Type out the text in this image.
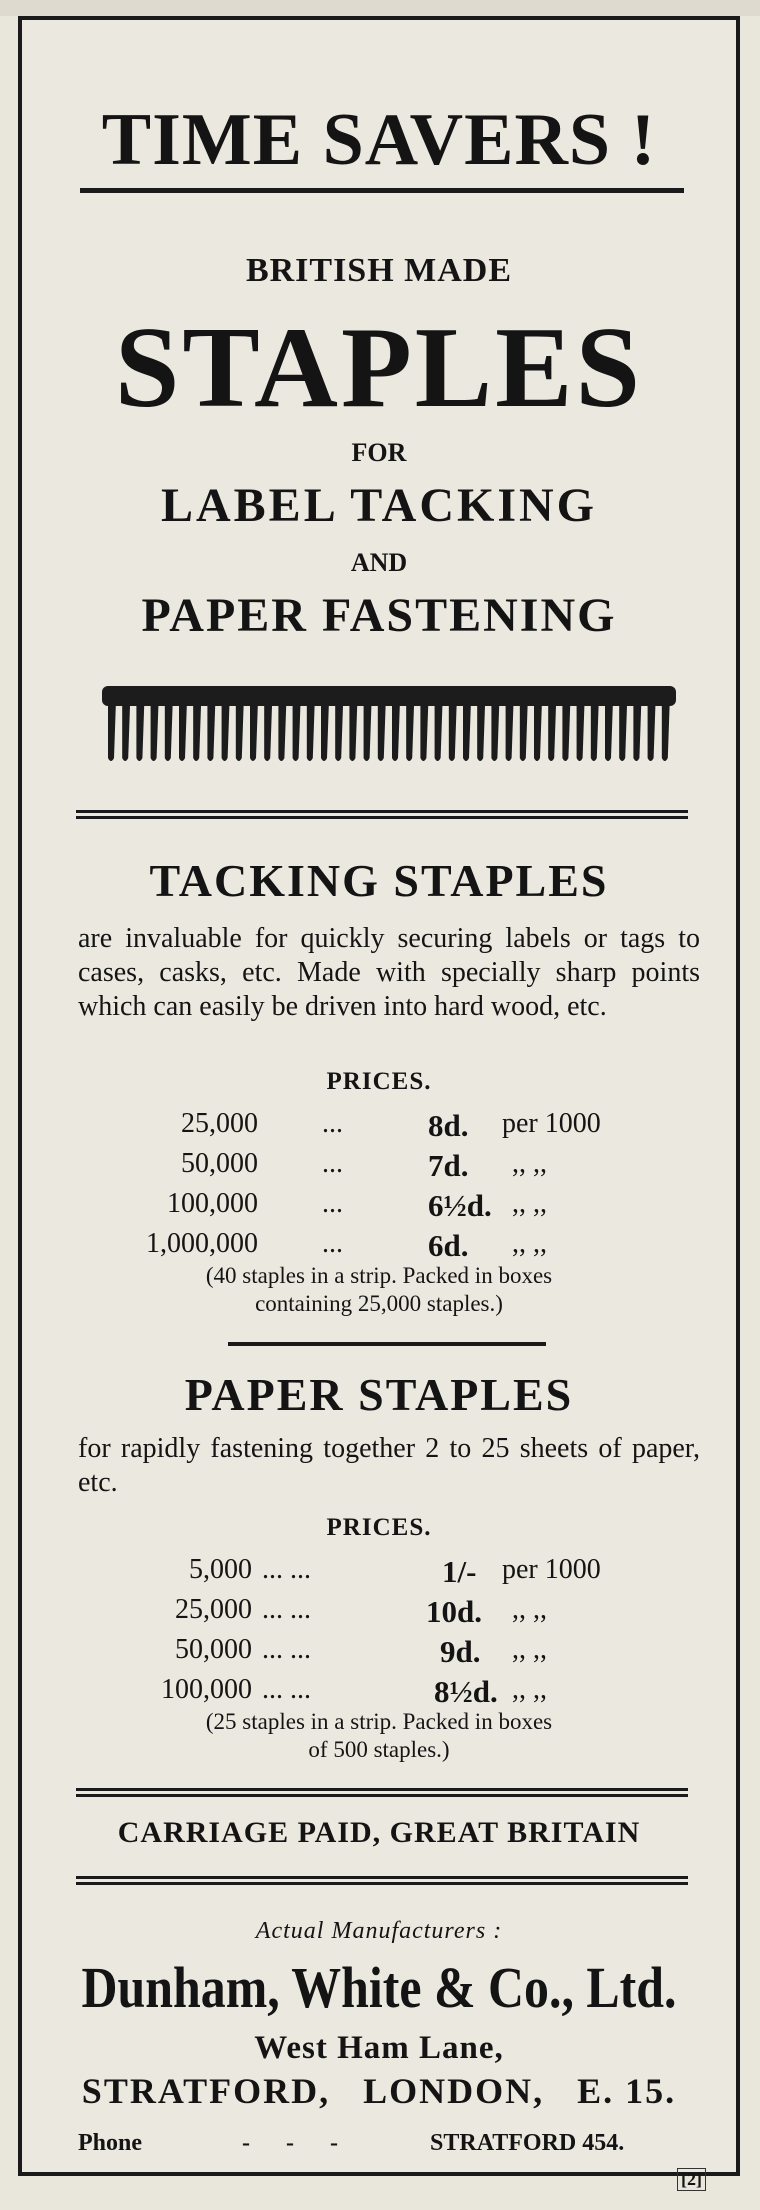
TIME SAVERS !
BRITISH MADE
STAPLES
FOR
LABEL TACKING
AND
PAPER FASTENING
TACKING STAPLES
are invaluable for quickly securing labels or tags to cases, casks, etc. Made with specially sharp points which can easily be driven into hard wood, etc.
PRICES.
25,000 ...	8d. per 1000
50,000 ...	7d. ,, ,,
100,000 ...	6½d. ,, ,,
1,000,000 ...	6d. ,, ,,
(40 staples in a strip. Packed in boxes
containing 25,000 staples.)
PAPER STAPLES
for rapidly fastening together 2 to 25 sheets of paper, etc.
PRICES.
5,000 ... ...	1/- per 1000
25,000 ... ...	10d. ,, ,,
50,000 ... ...	9d. ,, ,,
100,000 ... ...	8½d. ,, ,,
(25 staples in a strip. Packed in boxes
of 500 staples.)
CARRIAGE PAID, GREAT BRITAIN
Actual Manufacturers :
Dunham, White & Co., Ltd.
West Ham Lane,
STRATFORD,   LONDON,   E. 15.
Phone	-      -      -	STRATFORD 454.
[2]
